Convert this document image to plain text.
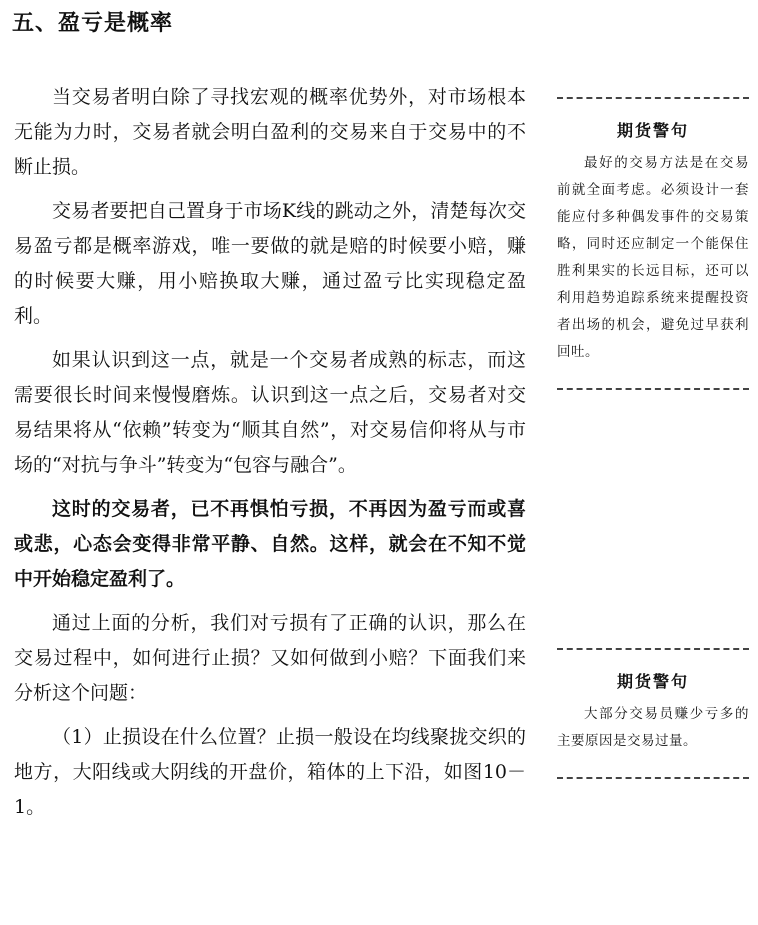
五、盈亏是概率

当交易者明白除了寻找宏观的概率优势外，对市场根本无能为力时，交易者就会明白盈利的交易来自于交易中的不断止损。

交易者要把自己置身于市场K线的跳动之外，清楚每次交易盈亏都是概率游戏，唯一要做的就是赔的时候要小赔，赚的时候要大赚，用小赔换取大赚，通过盈亏比实现稳定盈利。

如果认识到这一点，就是一个交易者成熟的标志，而这需要很长时间来慢慢磨炼。认识到这一点之后，交易者对交易结果将从“依赖”转变为“顺其自然”，对交易信仰将从与市场的“对抗与争斗”转变为“包容与融合”。

这时的交易者，已不再惧怕亏损，不再因为盈亏而或喜或悲，心态会变得非常平静、自然。这样，就会在不知不觉中开始稳定盈利了。

通过上面的分析，我们对亏损有了正确的认识，那么在交易过程中，如何进行止损？又如何做到小赔？下面我们来分析这个问题：

（1）止损设在什么位置？止损一般设在均线聚拢交织的地方，大阳线或大阴线的开盘价，箱体的上下沿，如图10－1。

期货警句
最好的交易方法是在交易前就全面考虑。必须设计一套能应付多种偶发事件的交易策略，同时还应制定一个能保住胜利果实的长远目标，还可以利用趋势追踪系统来提醒投资者出场的机会，避免过早获利回吐。
期货警句
大部分交易员赚少亏多的主要原因是交易过量。
